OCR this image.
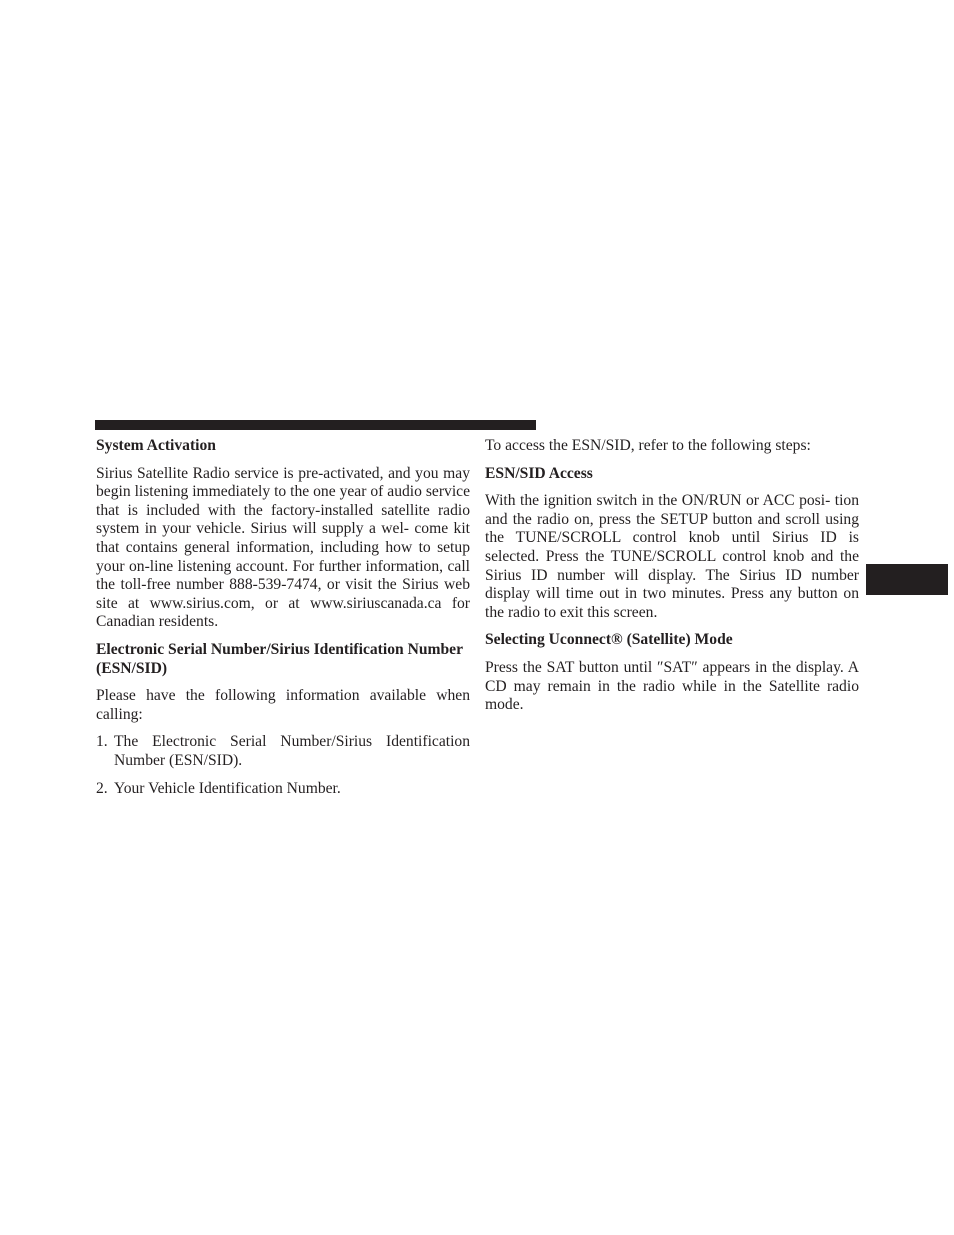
System Activation

Sirius Satellite Radio service is pre-activated, and you may begin listening immediately to the one year of audio service that is included with the factory-installed satellite radio system in your vehicle. Sirius will supply a wel- come kit that contains general information, including how to setup your on-line listening account. For further information, call the toll-free number 888-539-7474, or visit the Sirius web site at www.sirius.com, or at www.siriuscanada.ca for Canadian residents.

Electronic Serial Number/Sirius Identification Number (ESN/SID)

Please have the following information available when calling:

1. The Electronic Serial Number/Sirius Identification Number (ESN/SID).
2. Your Vehicle Identification Number.

To access the ESN/SID, refer to the following steps:

ESN/SID Access

With the ignition switch in the ON/RUN or ACC posi- tion and the radio on, press the SETUP button and scroll using the TUNE/SCROLL control knob until Sirius ID is selected. Press the TUNE/SCROLL control knob and the Sirius ID number will display. The Sirius ID number display will time out in two minutes. Press any button on the radio to exit this screen.

Selecting Uconnect® (Satellite) Mode

Press the SAT button until ″SAT″ appears in the display. A CD may remain in the radio while in the Satellite radio mode.
